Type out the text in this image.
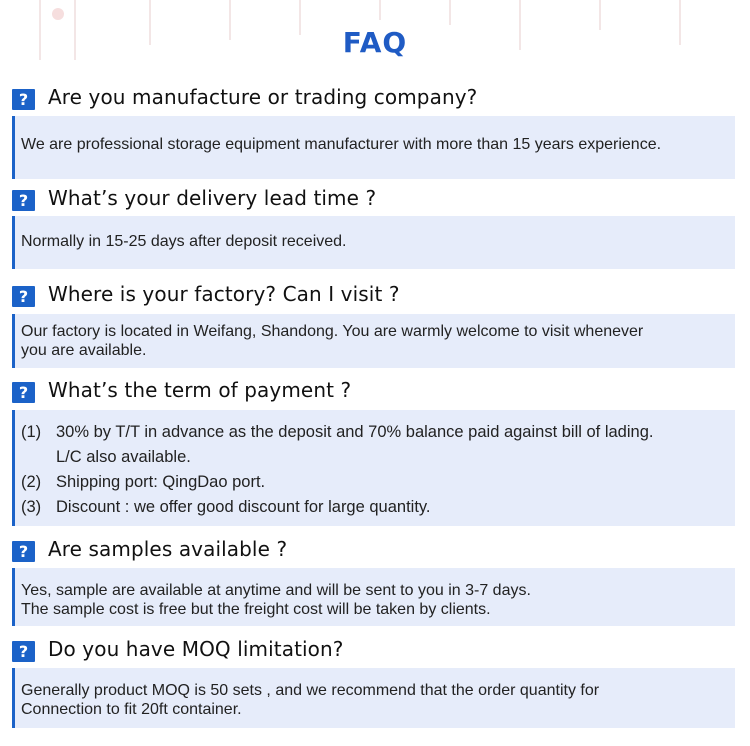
FAQ
? Are you manufacture or trading company?

We are professional storage equipment manufacturer with more than 15 years experience.

? What’s your delivery lead time ?

Normally in 15-25 days after deposit received.

? Where is your factory? Can I visit ?

Our factory is located in Weifang, Shandong. You are warmly welcome to visit whenever

you are available.

? What’s the term of payment ?
(1) 30% by T/T in advance as the deposit and 70% balance paid against bill of lading.
L/C also available.
(2) Shipping port: QingDao port.
(3) Discount : we offer good discount for large quantity.
? Are samples available ?

Yes, sample are available at anytime and will be sent to you in 3-7 days.

The sample cost is free but the freight cost will be taken by clients.

? Do you have MOQ limitation?

Generally product MOQ is 50 sets , and we recommend that the order quantity for

Connection to fit 20ft container.
